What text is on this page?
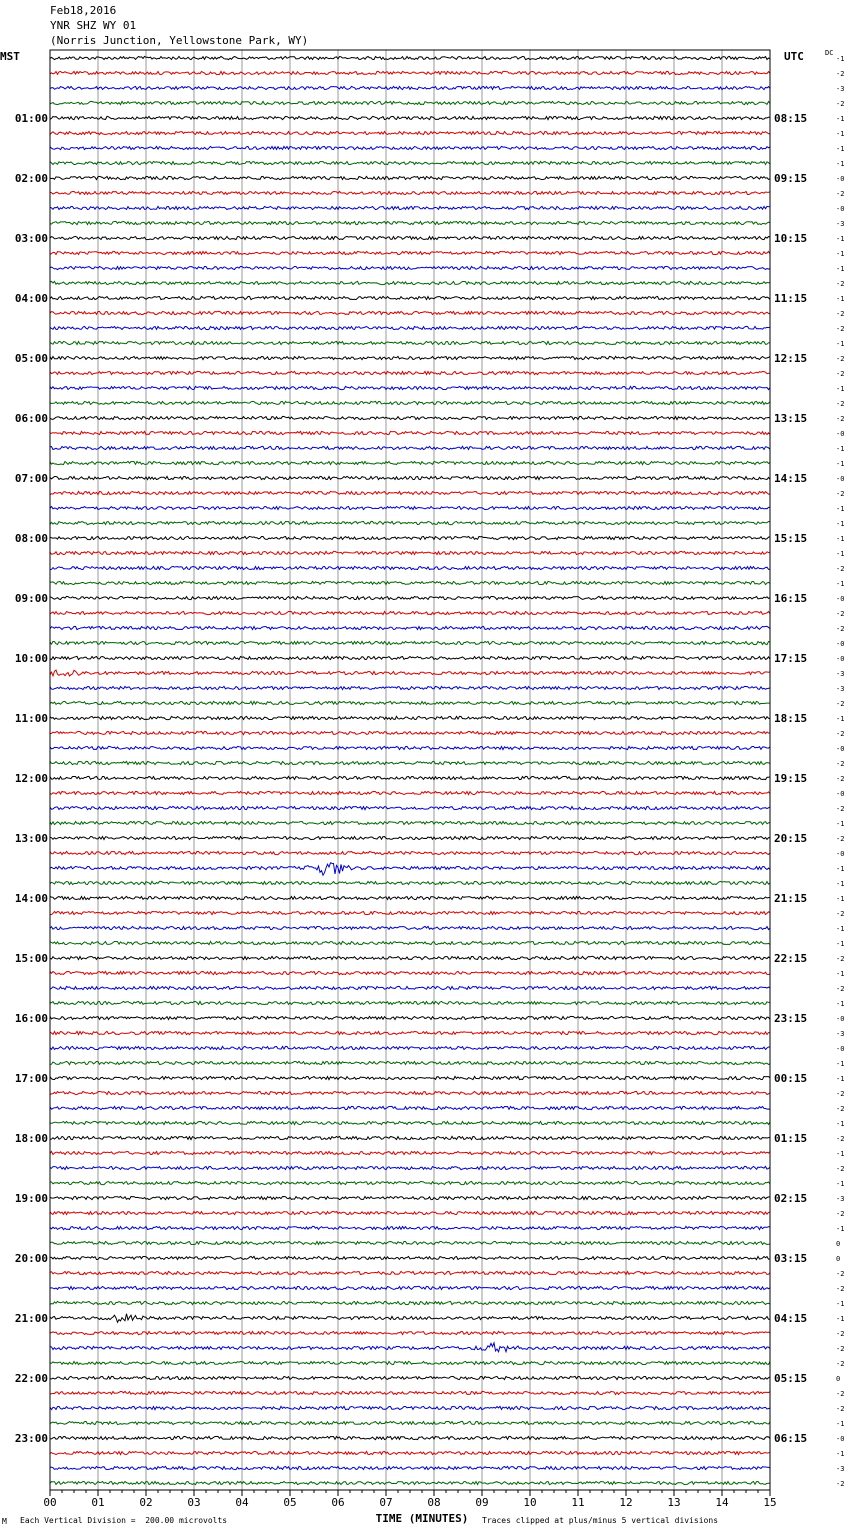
Feb18,2016
YNR SHZ WY 01
(Norris Junction, Yellowstone Park, WY)
MST	UTC	DC
00	01	02	03	04	05	06	07	08	09	10	11	12	13	14	15
-1
-2
-3
-2
-1
-1
-1
-1
-0
-2
-0
-3
-1
-1
-1
-2
-1
-2
-2
-1
-2
-2
-1
-2
-2
-0
-1
-1
-0
-2
-1
-1
-1
-1
-2
-1
-0
-2
-2
-0
-0
-3
-3
-2
-1
-2
-0
-2
-2
-0
-2
-1
-2
-0
-1
-1
-1
-2
-1
-1
-2
-1
-2
-1
-0
-3
-0
-1
-1
-2
-2
-1
-2
-1
-2
-1
-3
-2
-1
0
0
-2
-2
-1
-1
-2
-2
-2
0
-2
-2
-1
-0
-1
-3
-2
01:00	08:15
02:00	09:15
03:00	10:15
04:00	11:15
05:00	12:15
06:00	13:15
07:00	14:15
08:00	15:15
09:00	16:15
10:00	17:15
11:00	18:15
12:00	19:15
13:00	20:15
14:00	21:15
15:00	22:15
16:00	23:15
17:00	00:15
18:00	01:15
19:00	02:15
20:00	03:15
21:00	04:15
22:00	05:15
23:00	06:15
TIME (MINUTES)
M Each Vertical Division =  200.00 microvolts	Traces clipped at plus/minus 5 vertical divisions
